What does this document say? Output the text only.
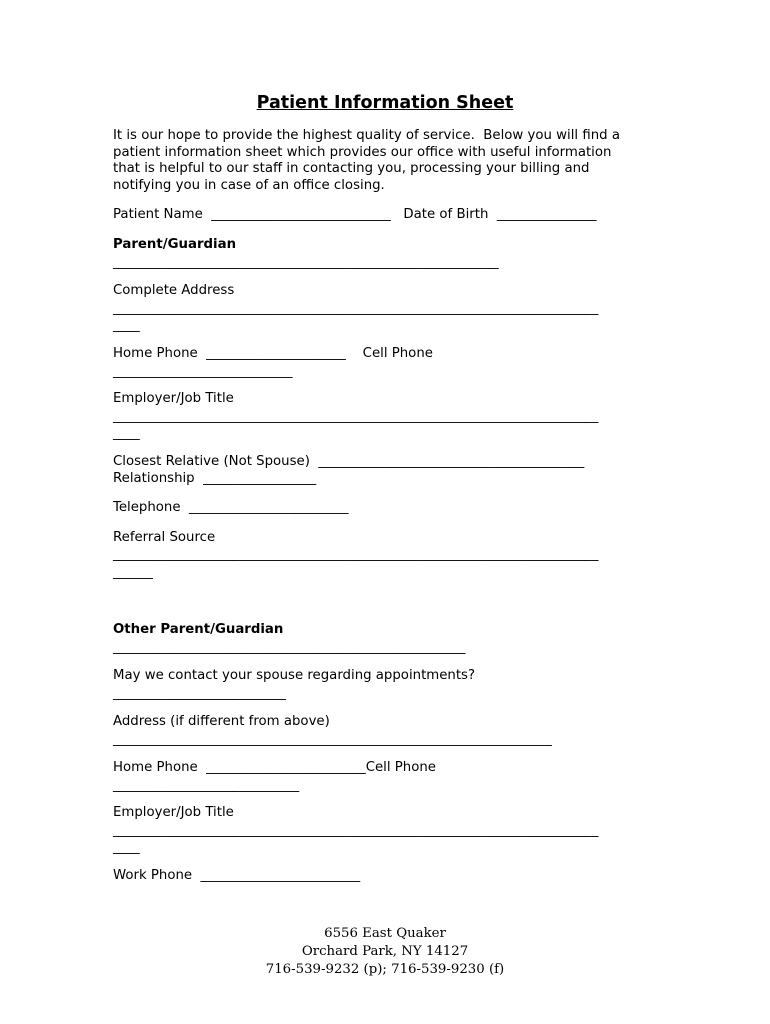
Patient Information Sheet
It is our hope to provide the highest quality of service.  Below you will find a
patient information sheet which provides our office with useful information
that is helpful to our staff in contacting you, processing your billing and
notifying you in case of an office closing.
Patient Name  ___________________________   Date of Birth  _______________
Parent/Guardian
__________________________________________________________
Complete Address
_________________________________________________________________________
____
Home Phone  _____________________    Cell Phone
___________________________
Employer/Job Title
_________________________________________________________________________
____
Closest Relative (Not Spouse)  ________________________________________
Relationship  _________________
Telephone  ________________________
Referral Source
_________________________________________________________________________
______
Other Parent/Guardian
_____________________________________________________
May we contact your spouse regarding appointments?
__________________________
Address (if different from above)
__________________________________________________________________
Home Phone  ________________________Cell Phone
____________________________
Employer/Job Title
_________________________________________________________________________
____
Work Phone  ________________________
6556 East Quaker
Orchard Park, NY 14127
716-539-9232 (p); 716-539-9230 (f)
